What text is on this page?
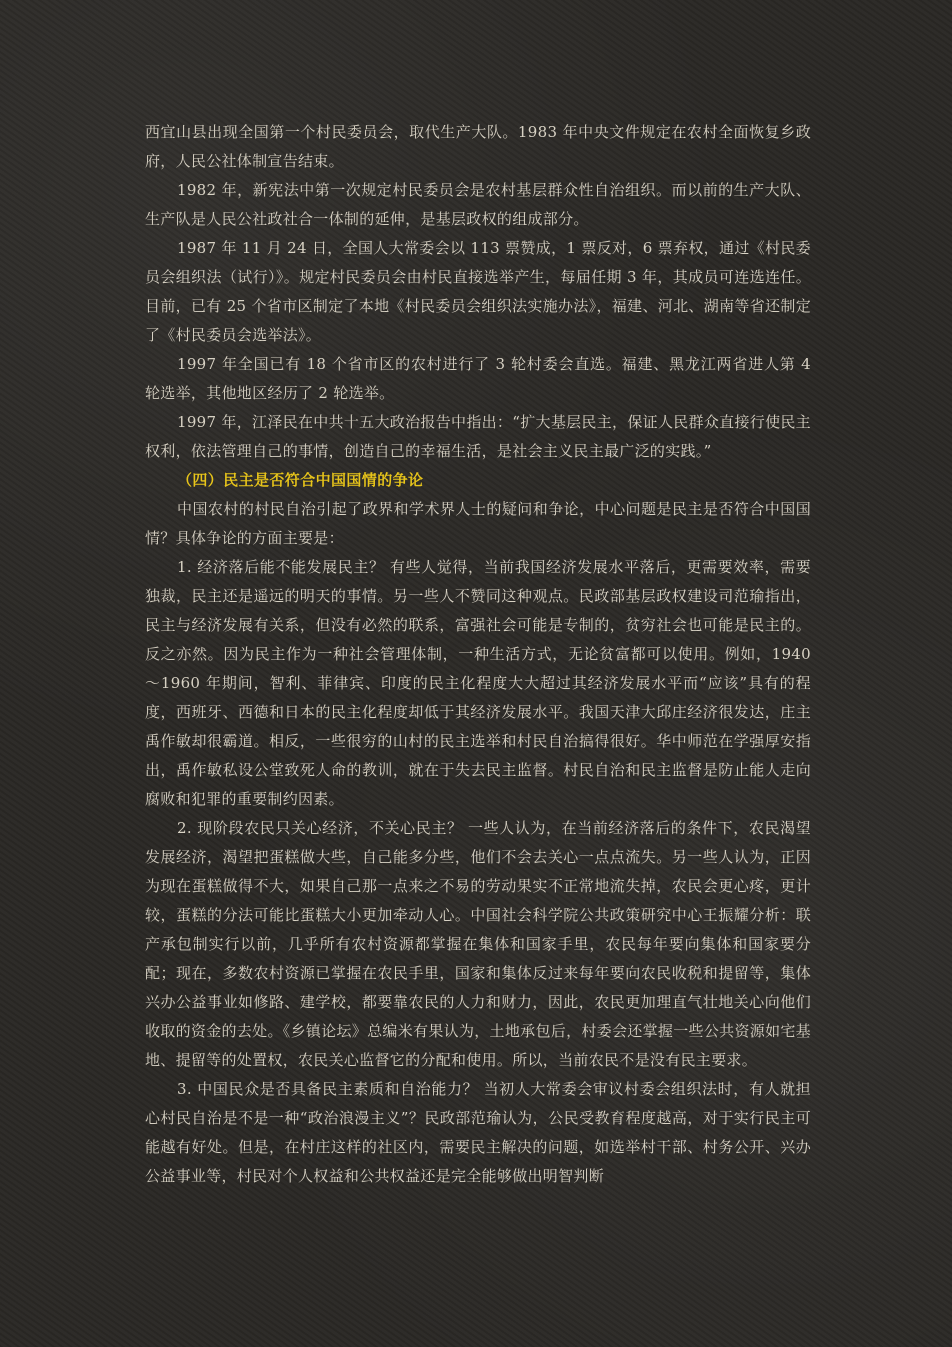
西宜山县出现全国第一个村民委员会，取代生产大队。1983 年中央文件规定在农村全面恢复乡政府，人民公社体制宣告结束。

1982 年，新宪法中第一次规定村民委员会是农村基层群众性自治组织。而以前的生产大队、生产队是人民公社政社合一体制的延伸，是基层政权的组成部分。

1987 年 11 月 24 日，全国人大常委会以 113 票赞成，1 票反对，6 票弃权，通过《村民委员会组织法（试行）》。规定村民委员会由村民直接选举产生，每届任期 3 年，其成员可连选连任。目前，已有 25 个省市区制定了本地《村民委员会组织法实施办法》，福建、河北、湖南等省还制定了《村民委员会选举法》。

1997 年全国已有 18 个省市区的农村进行了 3 轮村委会直选。福建、黑龙江两省进人第 4 轮选举，其他地区经历了 2 轮选举。

1997 年，江泽民在中共十五大政治报告中指出：“扩大基层民主，保证人民群众直接行使民主权利，依法管理自己的事情，创造自己的幸福生活，是社会主义民主最广泛的实践。”

（四）民主是否符合中国国情的争论

中国农村的村民自治引起了政界和学术界人士的疑问和争论，中心问题是民主是否符合中国国情？具体争论的方面主要是：

1. 经济落后能不能发展民主？ 有些人觉得，当前我国经济发展水平落后，更需要效率，需要独裁，民主还是遥远的明天的事情。另一些人不赞同这种观点。民政部基层政权建设司范瑜指出，民主与经济发展有关系，但没有必然的联系，富强社会可能是专制的，贫穷社会也可能是民主的。反之亦然。因为民主作为一种社会管理体制，一种生活方式，无论贫富都可以使用。例如，1940～1960 年期间，智利、菲律宾、印度的民主化程度大大超过其经济发展水平而“应该”具有的程度，西班牙、西德和日本的民主化程度却低于其经济发展水平。我国天津大邱庄经济很发达，庄主禹作敏却很霸道。相反，一些很穷的山村的民主选举和村民自治搞得很好。华中师范在学强厚安指出，禹作敏私设公堂致死人命的教训，就在于失去民主监督。村民自治和民主监督是防止能人走向腐败和犯罪的重要制约因素。

2. 现阶段农民只关心经济，不关心民主？ 一些人认为，在当前经济落后的条件下，农民渴望发展经济，渴望把蛋糕做大些，自己能多分些，他们不会去关心一点点流失。另一些人认为，正因为现在蛋糕做得不大，如果自己那一点来之不易的劳动果实不正常地流失掉，农民会更心疼，更计较，蛋糕的分法可能比蛋糕大小更加牵动人心。中国社会科学院公共政策研究中心王振耀分析：联产承包制实行以前，几乎所有农村资源都掌握在集体和国家手里，农民每年要向集体和国家要分配；现在，多数农村资源已掌握在农民手里，国家和集体反过来每年要向农民收税和提留等，集体兴办公益事业如修路、建学校，都要靠农民的人力和财力，因此，农民更加理直气壮地关心向他们收取的资金的去处。《乡镇论坛》总编米有果认为，土地承包后，村委会还掌握一些公共资源如宅基地、提留等的处置权，农民关心监督它的分配和使用。所以，当前农民不是没有民主要求。

3. 中国民众是否具备民主素质和自治能力？ 当初人大常委会审议村委会组织法时，有人就担心村民自治是不是一种“政治浪漫主义”？民政部范瑜认为，公民受教育程度越高，对于实行民主可能越有好处。但是，在村庄这样的社区内，需要民主解决的问题，如选举村干部、村务公开、兴办公益事业等，村民对个人权益和公共权益还是完全能够做出明智判断
